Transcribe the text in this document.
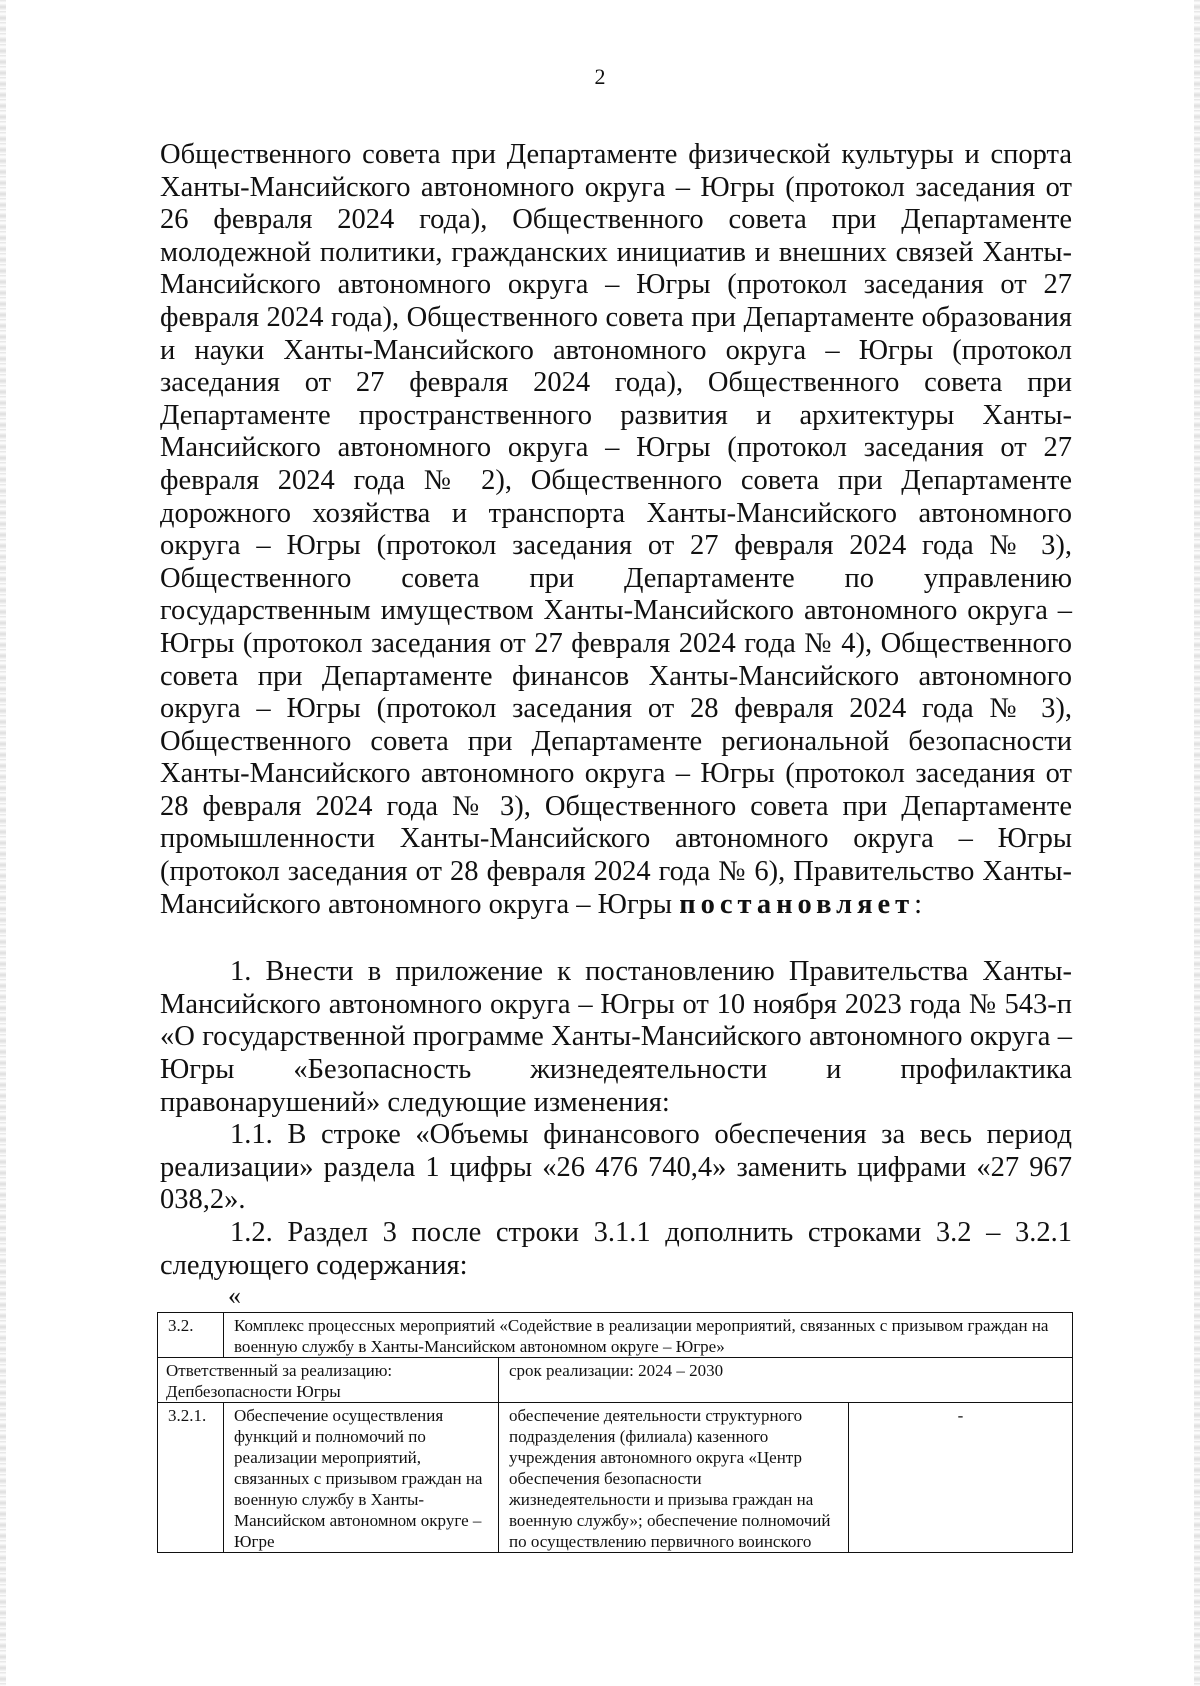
2

Общественного совета при Департаменте физической культуры и спорта Ханты-Мансийского автономного округа – Югры (протокол заседания от 26 февраля 2024 года), Общественного совета при Департаменте молодежной политики, гражданских инициатив и внешних связей Ханты-Мансийского автономного округа – Югры (протокол заседания от 27 февраля 2024 года), Общественного совета при Департаменте образования и науки Ханты-Мансийского автономного округа – Югры (протокол заседания от 27 февраля 2024 года), Общественного совета при Департаменте пространственного развития и архитектуры Ханты-Мансийского автономного округа – Югры (протокол заседания от 27 февраля 2024 года № 2), Общественного совета при Департаменте дорожного хозяйства и транспорта Ханты-Мансийского автономного округа – Югры (протокол заседания от 27 февраля 2024 года № 3), Общественного совета при Департаменте по управлению государственным имуществом Ханты-Мансийского автономного округа – Югры (протокол заседания от 27 февраля 2024 года № 4), Общественного совета при Департаменте финансов Ханты-Мансийского автономного округа – Югры (протокол заседания от 28 февраля 2024 года № 3), Общественного совета при Департаменте региональной безопасности Ханты-Мансийского автономного округа – Югры (протокол заседания от 28 февраля 2024 года № 3), Общественного совета при Департаменте промышленности Ханты-Мансийского автономного округа – Югры (протокол заседания от 28 февраля 2024 года № 6), Правительство Ханты-Мансийского автономного округа – Югры постановляет:

1. Внести в приложение к постановлению Правительства Ханты-Мансийского автономного округа – Югры от 10 ноября 2023 года № 543-п «О государственной программе Ханты-Мансийского автономного округа – Югры «Безопасность жизнедеятельности и профилактика правонарушений» следующие изменения:

1.1. В строке «Объемы финансового обеспечения за весь период реализации» раздела 1 цифры «26 476 740,4» заменить цифрами «27 967 038,2».

1.2. Раздел 3 после строки 3.1.1 дополнить строками 3.2 – 3.2.1 следующего содержания:

«
3.2.	Комплекс процессных мероприятий «Содействие в реализации мероприятий, связанных с призывом граждан на военную службу в Ханты-Мансийском автономном округе – Югре»		
Ответственный за реализацию: Депбезопасности Югры		срок реализации: 2024 – 2030	
3.2.1.	Обеспечение осуществления функций и полномочий по реализации мероприятий, связанных с призывом граждан на военную службу в Ханты-Мансийском автономном округе – Югре	обеспечение деятельности структурного подразделения (филиала) казенного учреждения автономного округа «Центр обеспечения безопасности жизнедеятельности и призыва граждан на военную службу»; обеспечение полномочий по осуществлению первичного воинского	-
